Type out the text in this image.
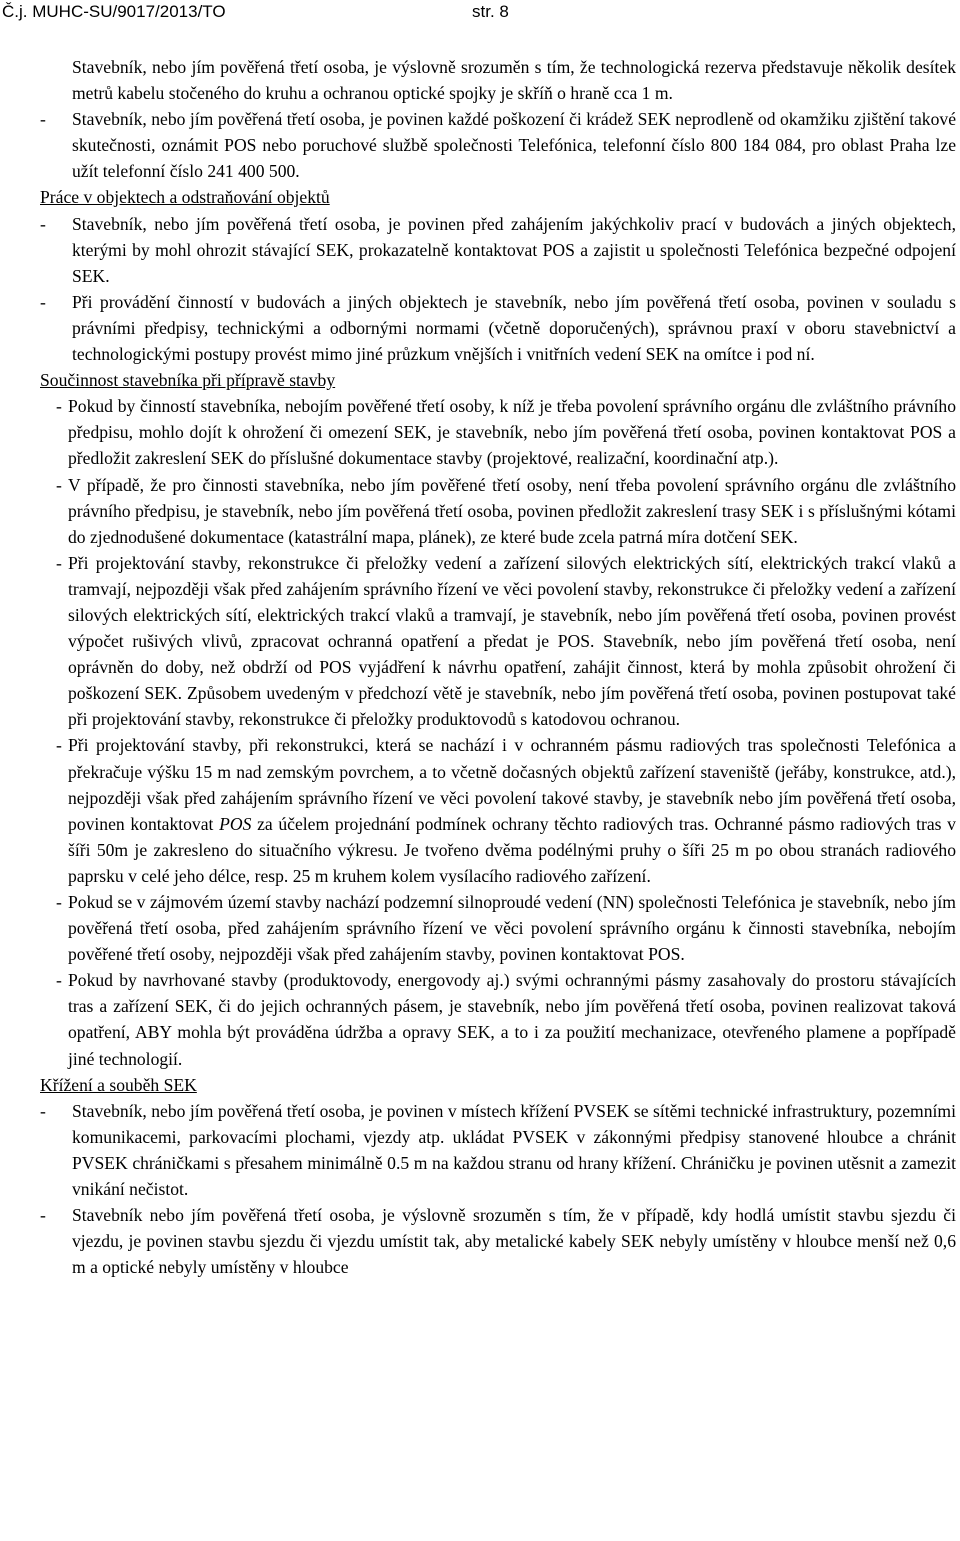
Č.j. MUHC-SU/9017/2013/TO	str. 8

Stavebník, nebo jím pověřená třetí osoba, je výslovně srozuměn s tím, že technologická rezerva představuje několik desítek metrů kabelu stočeného do kruhu a ochranou optické spojky je skříň o hraně cca 1 m.

- Stavebník, nebo jím pověřená třetí osoba, je povinen každé poškození či krádež SEK neprodleně od okamžiku zjištění takové skutečnosti, oznámit POS nebo poruchové službě společnosti Telefónica, telefonní číslo 800 184 084, pro oblast Praha lze užít telefonní číslo 241 400 500.
Práce v objektech a odstraňování objektů
- Stavebník, nebo jím pověřená třetí osoba, je povinen před zahájením jakýchkoliv prací v budovách a jiných objektech, kterými by mohl ohrozit stávající SEK, prokazatelně kontaktovat POS a zajistit u společnosti Telefónica bezpečné odpojení SEK.
- Při provádění činností v budovách a jiných objektech je stavebník, nebo jím pověřená třetí osoba, povinen v souladu s právními předpisy, technickými a odbornými normami (včetně doporučených), správnou praxí v oboru stavebnictví a technologickými postupy provést mimo jiné průzkum vnějších i vnitřních vedení SEK na omítce i pod ní.
Součinnost stavebníka při přípravě stavby
- Pokud by činností stavebníka, nebojím pověřené třetí osoby, k níž je třeba povolení správního orgánu dle zvláštního právního předpisu, mohlo dojít k ohrožení či omezení SEK, je stavebník, nebo jím pověřená třetí osoba, povinen kontaktovat POS a předložit zakreslení SEK do příslušné dokumentace stavby (projektové, realizační, koordinační atp.).
- V případě, že pro činnosti stavebníka, nebo jím pověřené třetí osoby, není třeba povolení správního orgánu dle zvláštního právního předpisu, je stavebník, nebo jím pověřená třetí osoba, povinen předložit zakreslení trasy SEK i s příslušnými kótami do zjednodušené dokumentace (katastrální mapa, plánek), ze které bude zcela patrná míra dotčení SEK.
- Při projektování stavby, rekonstrukce či přeložky vedení a zařízení silových elektrických sítí, elektrických trakcí vlaků a tramvají, nejpozději však před zahájením správního řízení ve věci povolení stavby, rekonstrukce či přeložky vedení a zařízení silových elektrických sítí, elektrických trakcí vlaků a tramvají, je stavebník, nebo jím pověřená třetí osoba, povinen provést výpočet rušivých vlivů, zpracovat ochranná opatření a předat je POS. Stavebník, nebo jím pověřená třetí osoba, není oprávněn do doby, než obdrží od POS vyjádření k návrhu opatření, zahájit činnost, která by mohla způsobit ohrožení či poškození SEK. Způsobem uvedeným v předchozí větě je stavebník, nebo jím pověřená třetí osoba, povinen postupovat také při projektování stavby, rekonstrukce či přeložky produktovodů s katodovou ochranou.
- Při projektování stavby, při rekonstrukci, která se nachází i v ochranném pásmu radiových tras společnosti Telefónica a překračuje výšku 15 m nad zemským povrchem, a to včetně dočasných objektů zařízení staveniště (jeřáby, konstrukce, atd.), nejpozději však před zahájením správního řízení ve věci povolení takové stavby, je stavebník nebo jím pověřená třetí osoba, povinen kontaktovat POS za účelem projednání podmínek ochrany těchto radiových tras. Ochranné pásmo radiových tras v šíři 50m je zakresleno do situačního výkresu. Je tvořeno dvěma podélnými pruhy o šíři 25 m po obou stranách radiového paprsku v celé jeho délce, resp. 25 m kruhem kolem vysílacího radiového zařízení.
- Pokud se v zájmovém území stavby nachází podzemní silnoproudé vedení (NN) společnosti Telefónica je stavebník, nebo jím pověřená třetí osoba, před zahájením správního řízení ve věci povolení správního orgánu k činnosti stavebníka, nebojím pověřené třetí osoby, nejpozději však před zahájením stavby, povinen kontaktovat POS.
- Pokud by navrhované stavby (produktovody, energovody aj.) svými ochrannými pásmy zasahovaly do prostoru stávajících tras a zařízení SEK, či do jejich ochranných pásem, je stavebník, nebo jím pověřená třetí osoba, povinen realizovat taková opatření, ABY mohla být prováděna údržba a opravy SEK, a to i za použití mechanizace, otevřeného plamene a popřípadě jiné technologií.
Křížení a souběh SEK
- Stavebník, nebo jím pověřená třetí osoba, je povinen v místech křížení PVSEK se sítěmi technické infrastruktury, pozemními komunikacemi, parkovacími plochami, vjezdy atp. ukládat PVSEK v zákonnými předpisy stanovené hloubce a chránit PVSEK chráničkami s přesahem minimálně 0.5 m na každou stranu od hrany křížení. Chráničku je povinen utěsnit a zamezit vnikání nečistot.
- Stavebník nebo jím pověřená třetí osoba, je výslovně srozuměn s tím, že v případě, kdy hodlá umístit stavbu sjezdu či vjezdu, je povinen stavbu sjezdu či vjezdu umístit tak, aby metalické kabely SEK nebyly umístěny v hloubce menší než 0,6 m a optické nebyly umístěny v hloubce
